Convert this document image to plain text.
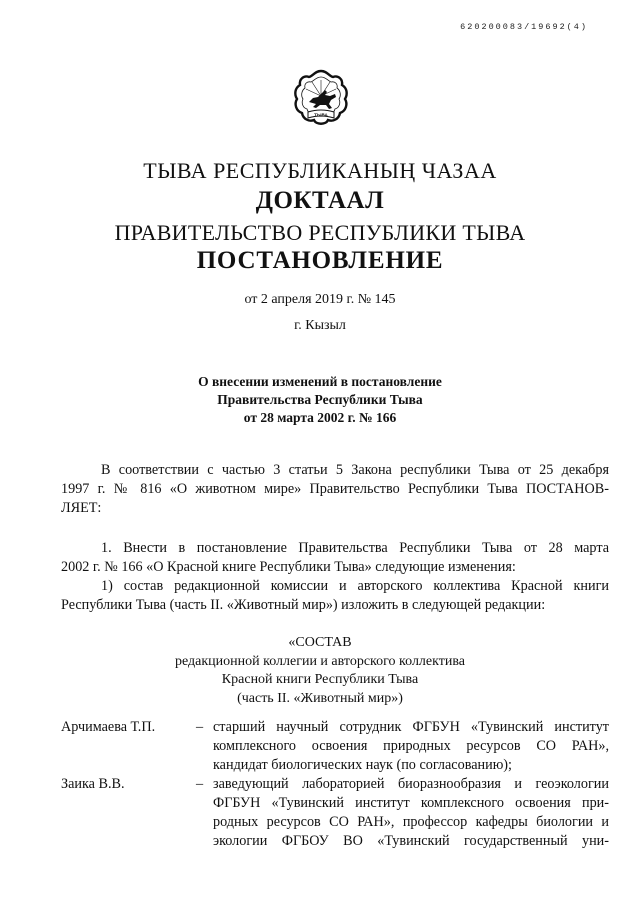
620200083/19692(4)
ТЫВА
ТЫВА РЕСПУБЛИКАНЫҢ ЧАЗАА
ДОКТААЛ
ПРАВИТЕЛЬСТВО РЕСПУБЛИКИ ТЫВА
ПОСТАНОВЛЕНИЕ
от 2 апреля 2019 г. № 145
г. Кызыл
О внесении изменений в постановление
Правительства Республики Тыва
от 28 марта 2002 г. № 166
В соответствии с частью 3 статьи 5 Закона республики Тыва от 25 декабря
1997 г. № 816 «О животном мире» Правительство Республики Тыва ПОСТАНОВ-
ЛЯЕТ:
1. Внести в постановление Правительства Республики Тыва от 28 марта
2002 г. № 166 «О Красной книге Республики Тыва» следующие изменения:
1) состав редакционной комиссии и авторского коллектива Красной книги
Республики Тыва (часть II. «Животный мир») изложить в следующей редакции:
«СОСТАВ
редакционной коллегии и авторского коллектива
Красной книги Республики Тыва
(часть II. «Животный мир»)
Арчимаева Т.П.	– старший научный сотрудник ФГБУН «Тувинский институт
комплексного освоения природных ресурсов СО РАН»,
кандидат биологических наук (по согласованию);
Заика В.В.	– заведующий лабораторией биоразнообразия и геоэкологии
ФГБУН «Тувинский институт комплексного освоения при-
родных ресурсов СО РАН», профессор кафедры биологии и
экологии ФГБОУ ВО «Тувинский государственный уни-
